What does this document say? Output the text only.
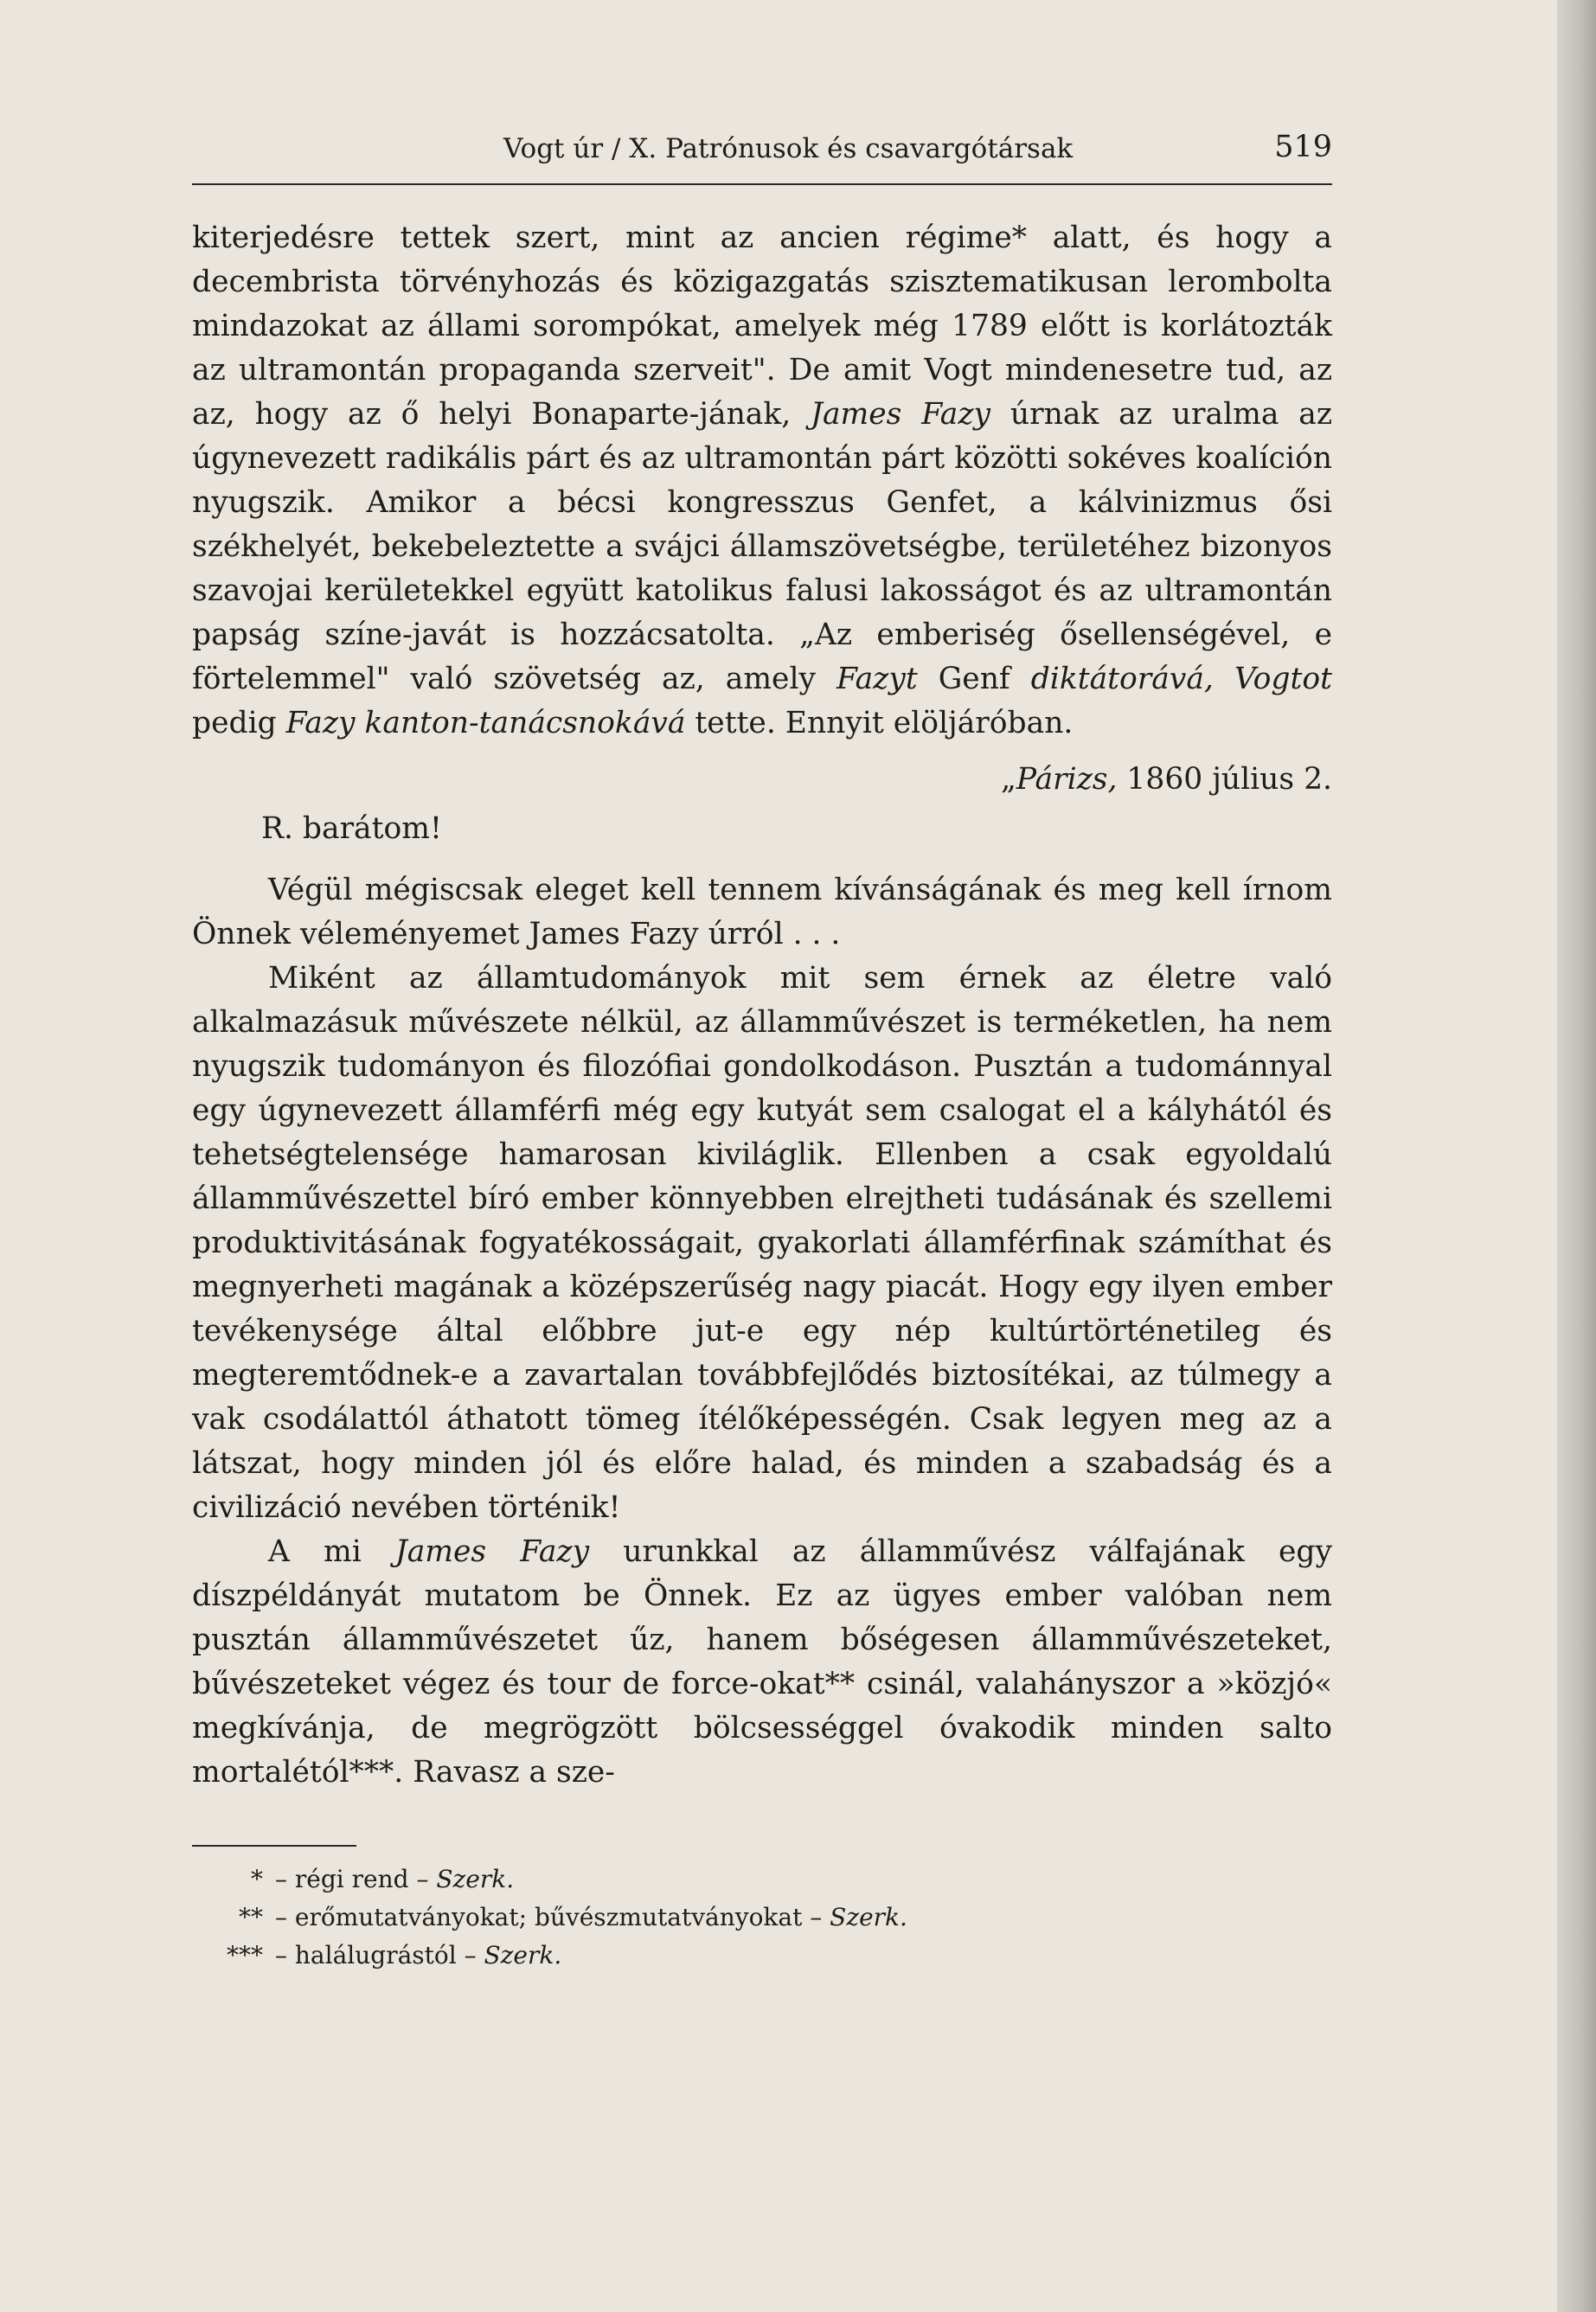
Vogt úr / X. Patrónusok és csavargótársak	519

kiterjedésre tettek szert, mint az ancien régime* alatt, és hogy a decembrista törvényhozás és közigazgatás szisztematikusan lerombolta mindazokat az állami sorompókat, amelyek még 1789 előtt is korlátozták az ultramontán propaganda szerveit". De amit Vogt mindenesetre tud, az az, hogy az ő helyi Bonaparte-jának, James Fazy úrnak az uralma az úgynevezett radikális párt és az ultramontán párt közötti sokéves koalíción nyugszik. Amikor a bécsi kongresszus Genfet, a kálvinizmus ősi székhelyét, bekebeleztette a svájci államszövetségbe, területéhez bizonyos szavojai kerületekkel együtt katolikus falusi lakosságot és az ultramontán papság színe-javát is hozzácsatolta. „Az emberiség ősellenségével, e förtelemmel" való szövetség az, amely Fazyt Genf diktátorává, Vogtot pedig Fazy kanton-tanácsnokává tette. Ennyit elöljáróban.

„Párizs, 1860 július 2.

R. barátom!

Végül mégiscsak eleget kell tennem kívánságának és meg kell írnom Önnek véleményemet James Fazy úrról . . .

Miként az államtudományok mit sem érnek az életre való alkalmazásuk művészete nélkül, az államművészet is terméketlen, ha nem nyugszik tudományon és filozófiai gondolkodáson. Pusztán a tudománnyal egy úgynevezett államférfi még egy kutyát sem csalogat el a kályhától és tehetségtelensége hamarosan kiviláglik. Ellenben a csak egyoldalú államművészettel bíró ember könnyebben elrejtheti tudásának és szellemi produktivitásának fogyatékosságait, gyakorlati államférfinak számíthat és megnyerheti magának a középszerűség nagy piacát. Hogy egy ilyen ember tevékenysége által előbbre jut-e egy nép kultúrtörténetileg és megteremtődnek-e a zavartalan továbbfejlődés biztosítékai, az túlmegy a vak csodálattól áthatott tömeg ítélőképességén. Csak legyen meg az a látszat, hogy minden jól és előre halad, és minden a szabadság és a civilizáció nevében történik!

A mi James Fazy urunkkal az államművész válfajának egy díszpéldányát mutatom be Önnek. Ez az ügyes ember valóban nem pusztán államművészetet űz, hanem bőségesen államművészeteket, bűvészeteket végez és tour de force-okat** csinál, valahányszor a »közjó« megkívánja, de megrögzött bölcsességgel óvakodik minden salto mortalétól***. Ravasz a sze-

* – régi rend – Szerk.
** – erőmutatványokat; bűvészmutatványokat – Szerk.
*** – halálugrástól – Szerk.
